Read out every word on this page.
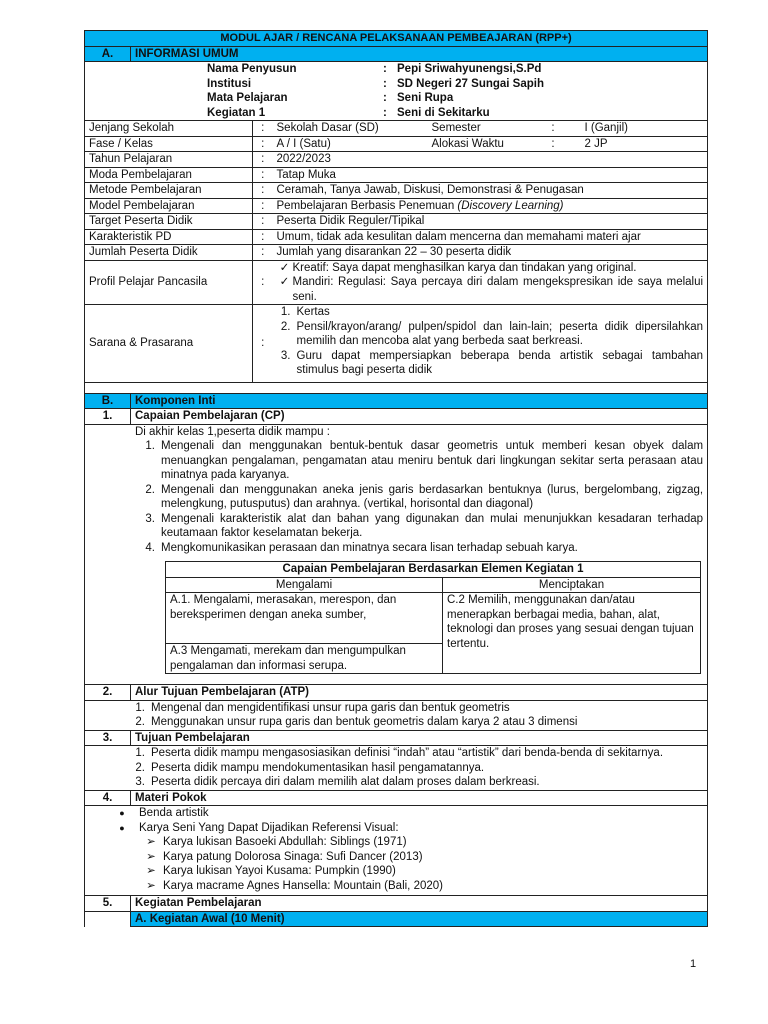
MODUL AJAR / RENCANA PELAKSANAAN PEMBEAJARAN (RPP+)
A.	INFORMASI UMUM

Nama Penyusun	: Pepi Sriwahyunengsi,S.Pd
Institusi	: SD Negeri 27 Sungai Sapih
Mata Pelajaran	: Seni Rupa
Kegiatan 1	: Seni di Sekitarku

Jenjang Sekolah	:	Sekolah Dasar (SD)	Semester	:	I (Ganjil)
Fase / Kelas	:	A / I (Satu)	Alokasi Waktu	:	2 JP
Tahun Pelajaran	:	2022/2023
Moda Pembelajaran	:	Tatap Muka
Metode Pembelajaran	:	Ceramah, Tanya Jawab, Diskusi, Demonstrasi & Penugasan
Model Pembelajaran	:	Pembelajaran Berbasis Penemuan (Discovery Learning)
Target Peserta Didik	:	Peserta Didik Reguler/Tipikal
Karakteristik PD	:	Umum, tidak ada kesulitan dalam mencerna dan memahami materi ajar
Jumlah Peserta Didik	:	Jumlah yang disarankan 22 – 30 peserta didik
Profil Pelajar Pancasila	:	
✓ Kreatif: Saya dapat menghasilkan karya dan tindakan yang original.
✓ Mandiri: Regulasi: Saya percaya diri dalam mengekspresikan ide saya melalui seni.

Sarana & Prasarana	:	
1. Kertas
2. Pensil/krayon/arang/ pulpen/spidol dan lain-lain; peserta didik dipersilahkan memilih dan mencoba alat yang berbeda saat berkreasi.
3. Guru dapat mempersiapkan beberapa benda artistik sebagai tambahan stimulus bagi peserta didik

B.	Komponen Inti
1.	Capaian Pembelajaran (CP)

Di akhir kelas 1,peserta didik mampu :
1. Mengenali dan menggunakan bentuk-bentuk dasar geometris untuk memberi kesan obyek dalam menuangkan pengalaman, pengamatan atau meniru bentuk dari lingkungan sekitar serta perasaan atau minatnya pada karyanya.
2. Mengenali dan menggunakan aneka jenis garis berdasarkan bentuknya (lurus, bergelombang, zigzag, melengkung, putusputus) dan arahnya. (vertikal, horisontal dan diagonal)
3. Mengenali karakteristik alat dan bahan yang digunakan dan mulai menunjukkan kesadaran terhadap keutamaan faktor keselamatan bekerja.
4. Mengkomunikasikan perasaan dan minatnya secara lisan terhadap sebuah karya.
Capaian Pembelajaran Berdasarkan Elemen Kegiatan 1
Mengalami	Menciptakan
A.1. Mengalami, merasakan, merespon, dan bereksperimen dengan aneka sumber,	C.2 Memilih, menggunakan dan/atau menerapkan berbagai media, bahan, alat, teknologi dan proses yang sesuai dengan tujuan tertentu.
A.3 Mengamati, merekam dan mengumpulkan pengalaman dan informasi serupa.

2.	Alur Tujuan Pembelajaran (ATP)

1. Mengenal dan mengidentifikasi unsur rupa garis dan bentuk geometris
2. Menggunakan unsur rupa garis dan bentuk geometris dalam karya 2 atau 3 dimensi

3.	Tujuan Pembelajaran

1. Peserta didik mampu mengasosiasikan definisi “indah” atau “artistik” dari benda-benda di sekitarnya.
2. Peserta didik mampu mendokumentasikan hasil pengamatannya.
3. Peserta didik percaya diri dalam memilih alat dalam proses dalam berkreasi.

4.	Materi Pokok

●	Benda artistik
●	Karya Seni Yang Dapat Dijadikan Referensi Visual:
➢ Karya lukisan Basoeki Abdullah: Siblings (1971)
➢ Karya patung Dolorosa Sinaga: Sufi Dancer (2013)
➢ Karya lukisan Yayoi Kusama: Pumpkin (1990)
➢ Karya macrame Agnes Hansella: Mountain (Bali, 2020)

5.	Kegiatan Pembelajaran
	A. Kegiatan Awal (10 Menit)
1
